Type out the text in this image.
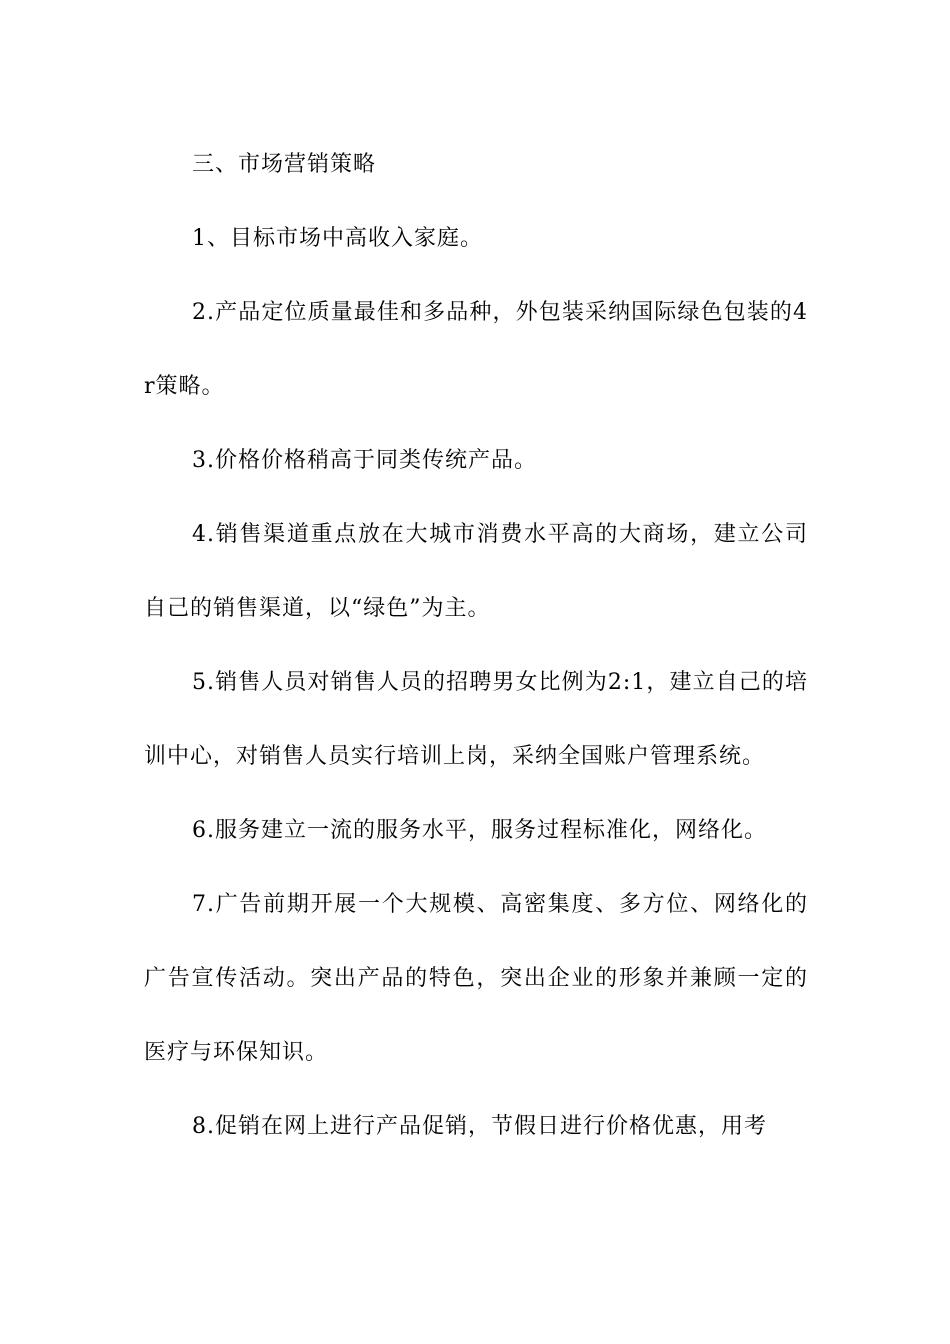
三、市场营销策略

1、目标市场中高收入家庭。

2.产品定位质量最佳和多品种，外包装采纳国际绿色包装的4r策略。

3.价格价格稍高于同类传统产品。

4.销售渠道重点放在大城市消费水平高的大商场，建立公司自己的销售渠道，以“绿色”为主。

5.销售人员对销售人员的招聘男女比例为2:1，建立自己的培训中心，对销售人员实行培训上岗，采纳全国账户管理系统。

6.服务建立一流的服务水平，服务过程标准化，网络化。

7.广告前期开展一个大规模、高密集度、多方位、网络化的广告宣传活动。突出产品的特色，突出企业的形象并兼顾一定的医疗与环保知识。

8.促销在网上进行产品促销，节假日进行价格优惠，用考
